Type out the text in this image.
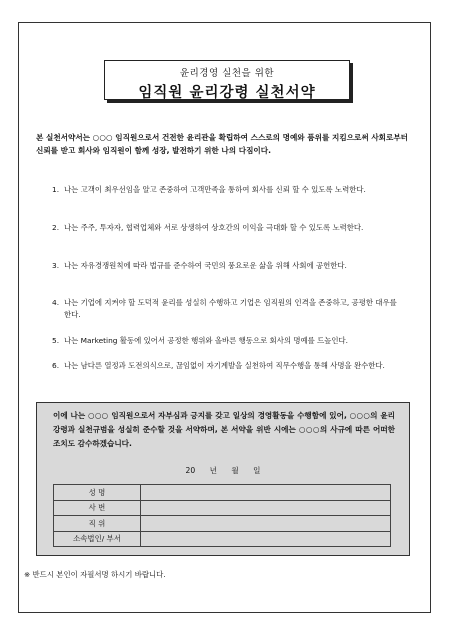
윤리경영 실천을 위한
임직원 윤리강령 실천서약
본 실천서약서는 ○○○ 임직원으로서 건전한 윤리관을 확립하여 스스로의 명예와 품위를 지킴으로써 사회로부터 신뢰를 받고 회사와 임직원이 함께 성장, 발전하기 위한 나의 다짐이다.
1. 나는 고객이 최우선임을 알고 존중하여 고객만족을 통하여 회사를 신뢰 할 수 있도록 노력한다.
2. 나는 주주, 투자자, 협력업체와 서로 상생하여 상호간의 이익을 극대화 할 수 있도록 노력한다.
3. 나는 자유경쟁원칙에 따라 법규를 준수하여 국민의 풍요로운 삶을 위해 사회에 공헌한다.
4. 나는 기업에 지켜야 할 도덕적 윤리를 성실히 수행하고 기업은 임직원의 인격을 존중하고, 공평한 대우를 한다.
5. 나는 Marketing 활동에 있어서 공정한 행위와 올바른 행동으로 회사의 명예를 드높인다.
6. 나는 남다른 열정과 도전의식으로, 끊임없이 자기계발을 실천하여 직무수행을 통해 사명을 완수한다.
이에 나는 ○○○ 임직원으로서 자부심과 긍지를 갖고 일상의 경영활동을 수행함에 있어, ○○○의 윤리강령과 실천규범을 성실히 준수할 것을 서약하며, 본 서약을 위반 시에는 ○○○의 사규에 따른 어떠한 조치도 감수하겠습니다.
20 년 월 일
성 명	
사 번	
직 위	
소속법인/ 부서	
※ 반드시 본인이 자필서명 하시기 바랍니다.
